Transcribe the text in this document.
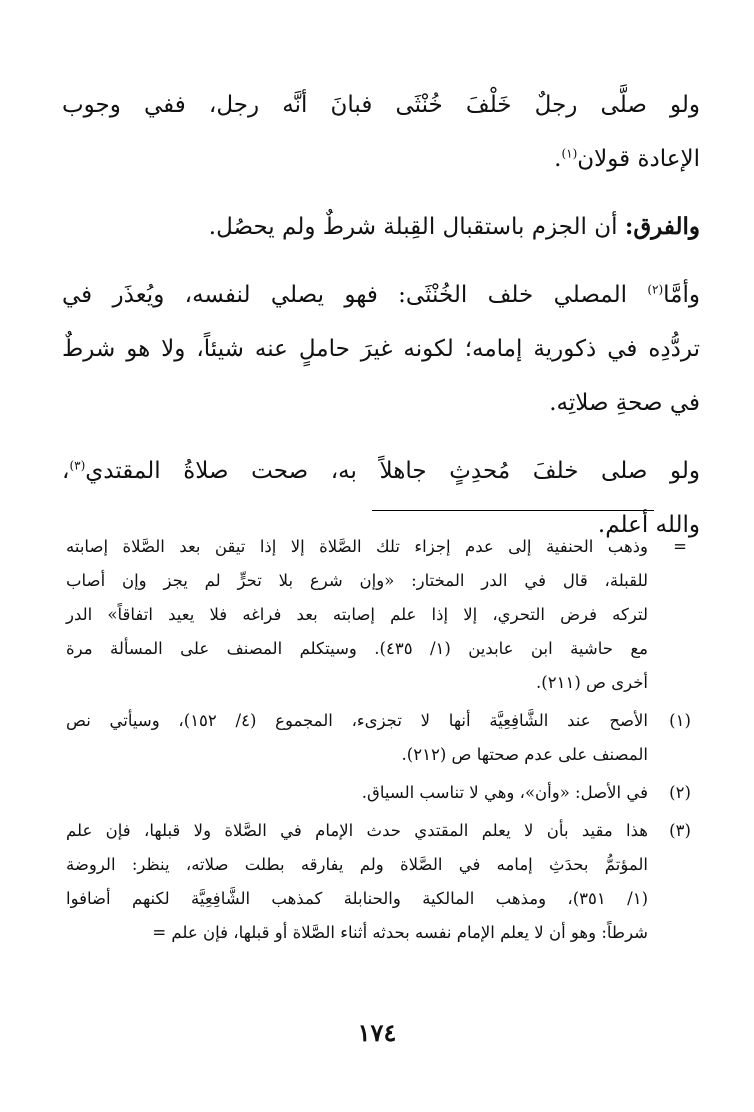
ولو صلَّى رجلٌ خَلْفَ خُنْثَى فبانَ أنَّه رجل، ففي وجوب
الإعادة قولان$^{(١)}$.
والفرق: أن الجزم باستقبال القِبلة شرطٌ ولم يحصُل.
وأمَّا$^{(٢)}$ المصلي خلف الخُنْثَى: فهو يصلي لنفسه، ويُعذَر في
تردُّدِه في ذكورية إمامه؛ لكونه غيرَ حاملٍ عنه شيئاً، ولا هو شرطٌ
في صحةِ صلاتِه.
ولو صلى خلفَ مُحدِثٍ جاهلاً به، صحت صلاةُ المقتدي$^{(٣)}$،
والله أعلم.
=
وذهب الحنفية إلى عدم إجزاء تلك الصَّلاة إلا إذا تيقن بعد الصَّلاة إصابته
للقبلة، قال في الدر المختار: «وإن شرع بلا تحرٍّ لم يجز وإن أصاب
لتركه فرض التحري، إلا إذا علم إصابته بعد فراغه فلا يعيد اتفاقاً» الدر
مع حاشية ابن عابدين (١/ ٤٣٥). وسيتكلم المصنف على المسألة مرة
أخرى ص (٢١١).
(١)
الأصح عند الشَّافِعِيَّة أنها لا تجزىء، المجموع (٤/ ١٥٢)، وسيأتي نص
المصنف على عدم صحتها ص (٢١٢).
(٢)
في الأصل: «وأن»، وهي لا تناسب السياق.
(٣)
هذا مقيد بأن لا يعلم المقتدي حدث الإمام في الصَّلاة ولا قبلها، فإن علم
المؤتمُّ بحدَثِ إمامه في الصَّلاة ولم يفارقه بطلت صلاته، ينظر: الروضة
(١/ ٣٥١)، ومذهب المالكية والحنابلة كمذهب الشَّافِعِيَّة لكنهم أضافوا
شرطاً: وهو أن لا يعلم الإمام نفسه بحدثه أثناء الصَّلاة أو قبلها، فإن علم =
١٧٤
